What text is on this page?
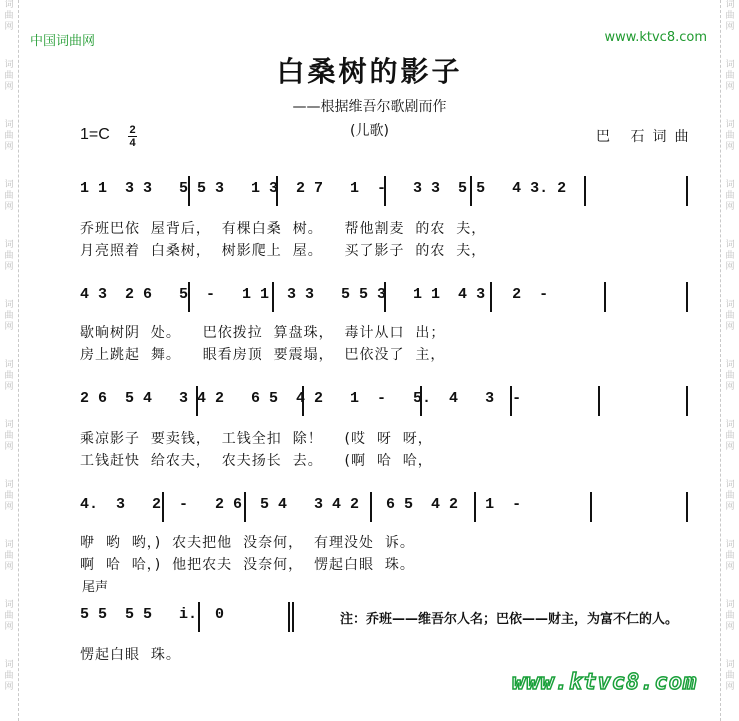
词
曲
网
词
曲
网
词
曲
网
词
曲
网
词
曲
网
词
曲
网
词
曲
网
词
曲
网
词
曲
网
词
曲
网
词
曲
网
词
曲
网
词
曲
网
词
曲
网
词
曲
网
词
曲
网
词
曲
网
词
曲
网
词
曲
网
词
曲
网
词
曲
网
词
曲
网
词
曲
网
词
曲
网
中国词曲网	www.ktvc8.com
白桑树的影子
——根据维吾尔歌剧而作
(儿歌)
1=C 2
4	巴 石词曲
1 1  3 3   5 5 3   1 3  2 7   1  -   3 3  5 5   4 3. 2
乔班巴依  屋背后，  有棵白桑  树。    帮他割麦  的农  夫，
月亮照着  白桑树，  树影爬上  屋。    买了影子  的农  夫，
4 3  2 6   5  -   1 1  3 3   5 5 3   1 1  4 3   2  -
歇晌树阴  处。    巴依拨拉  算盘珠，  毒计从口  出；
房上跳起  舞。    眼看房顶  要震塌，  巴依没了  主，
2 6  5 4   3 4 2   6 5  4 2   1  -   5.  4   3  -
乘凉影子  要卖钱，  工钱全扣  除！    (哎  呀  呀，
工钱赶快  给农夫，  农夫扬长  去。    (啊  哈  哈，
4.  3   2  -   2 6  5 4   3 4 2   6 5  4 2   1  -
咿  哟  哟，)  农夫把他  没奈何，  有理没处  诉。
啊  哈  哈，)  他把农夫  没奈何，  愣起白眼  珠。
尾声
5 5  5 5   i.  0	注：乔班——维吾尔人名；巴依——财主，为富不仁的人。
愣起白眼  珠。
www.ktvc8.com
